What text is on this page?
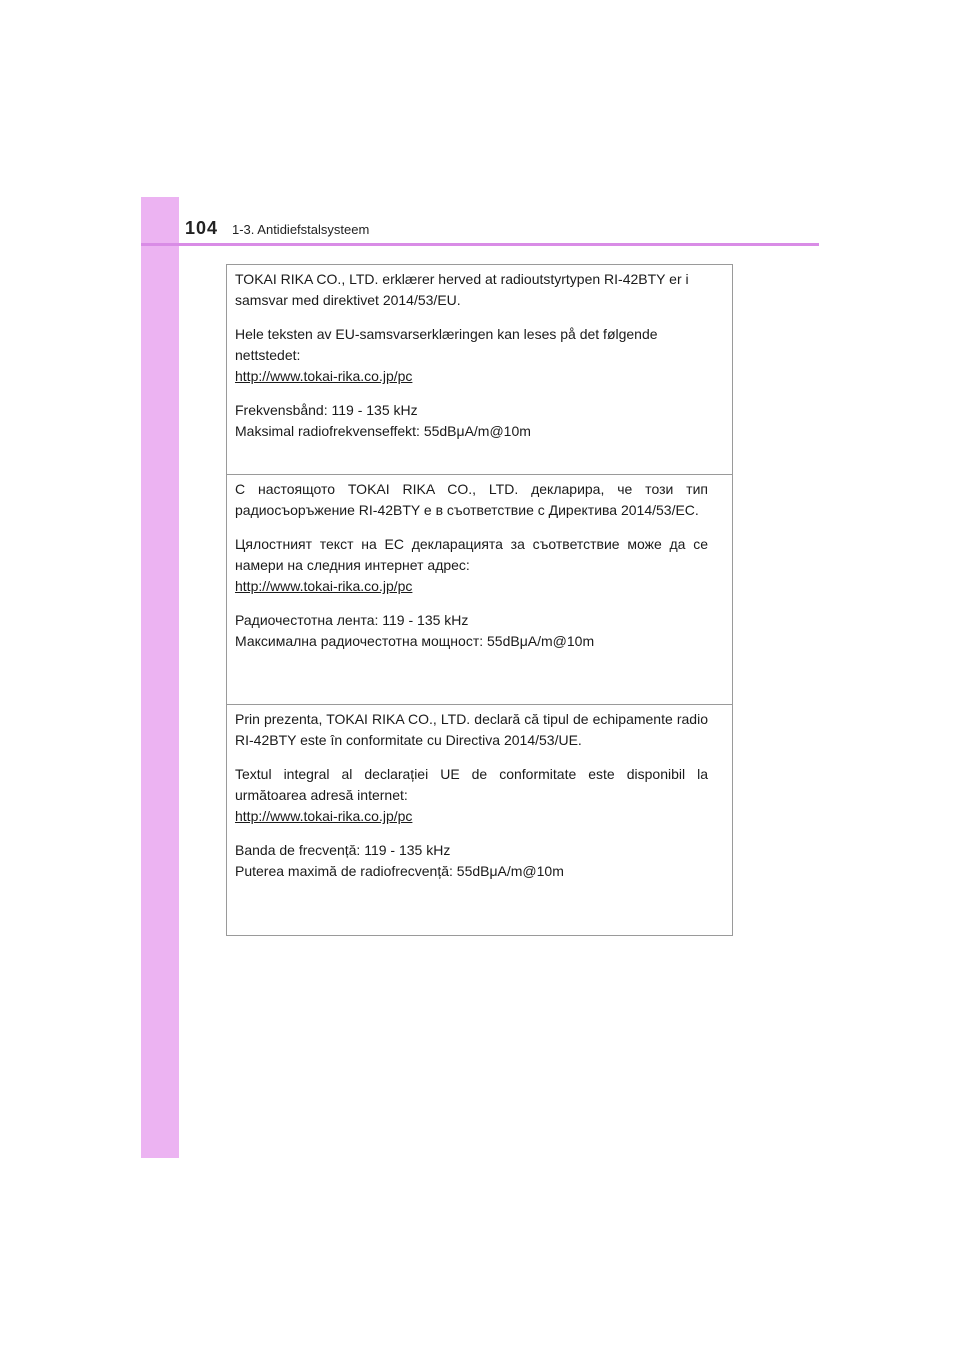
104 1-3. Antidiefstalsysteem

TOKAI RIKA CO., LTD. erklærer herved at radioutstyrtypen RI-42BTY er i samsvar med direktivet 2014/53/EU.

Hele teksten av EU-samsvarserklæringen kan leses på det følgende nettstedet:
http://www.tokai-rika.co.jp/pc

Frekvensbånd: 119 - 135 kHz
Maksimal radiofrekvenseffekt: 55dBμA/m@10m

С настоящото TOKAI RIKA CO., LTD. декларира, че този тип радиосъоръжение RI-42BTY е в съответствие с Директива 2014/53/ЕС.

Цялостният текст на ЕС декларацията за съответствие може да се намери на следния интернет адрес:
http://www.tokai-rika.co.jp/pc

Радиочестотна лента: 119 - 135 kHz
Максимална радиочестотна мощност: 55dBμA/m@10m

Prin prezenta, TOKAI RIKA CO., LTD. declară că tipul de echipamente radio RI-42BTY este în conformitate cu Directiva 2014/53/UE.

Textul integral al declarației UE de conformitate este disponibil la următoarea adresă internet:
http://www.tokai-rika.co.jp/pc

Banda de frecvență: 119 - 135 kHz
Puterea maximă de radiofrecvență: 55dBμA/m@10m
